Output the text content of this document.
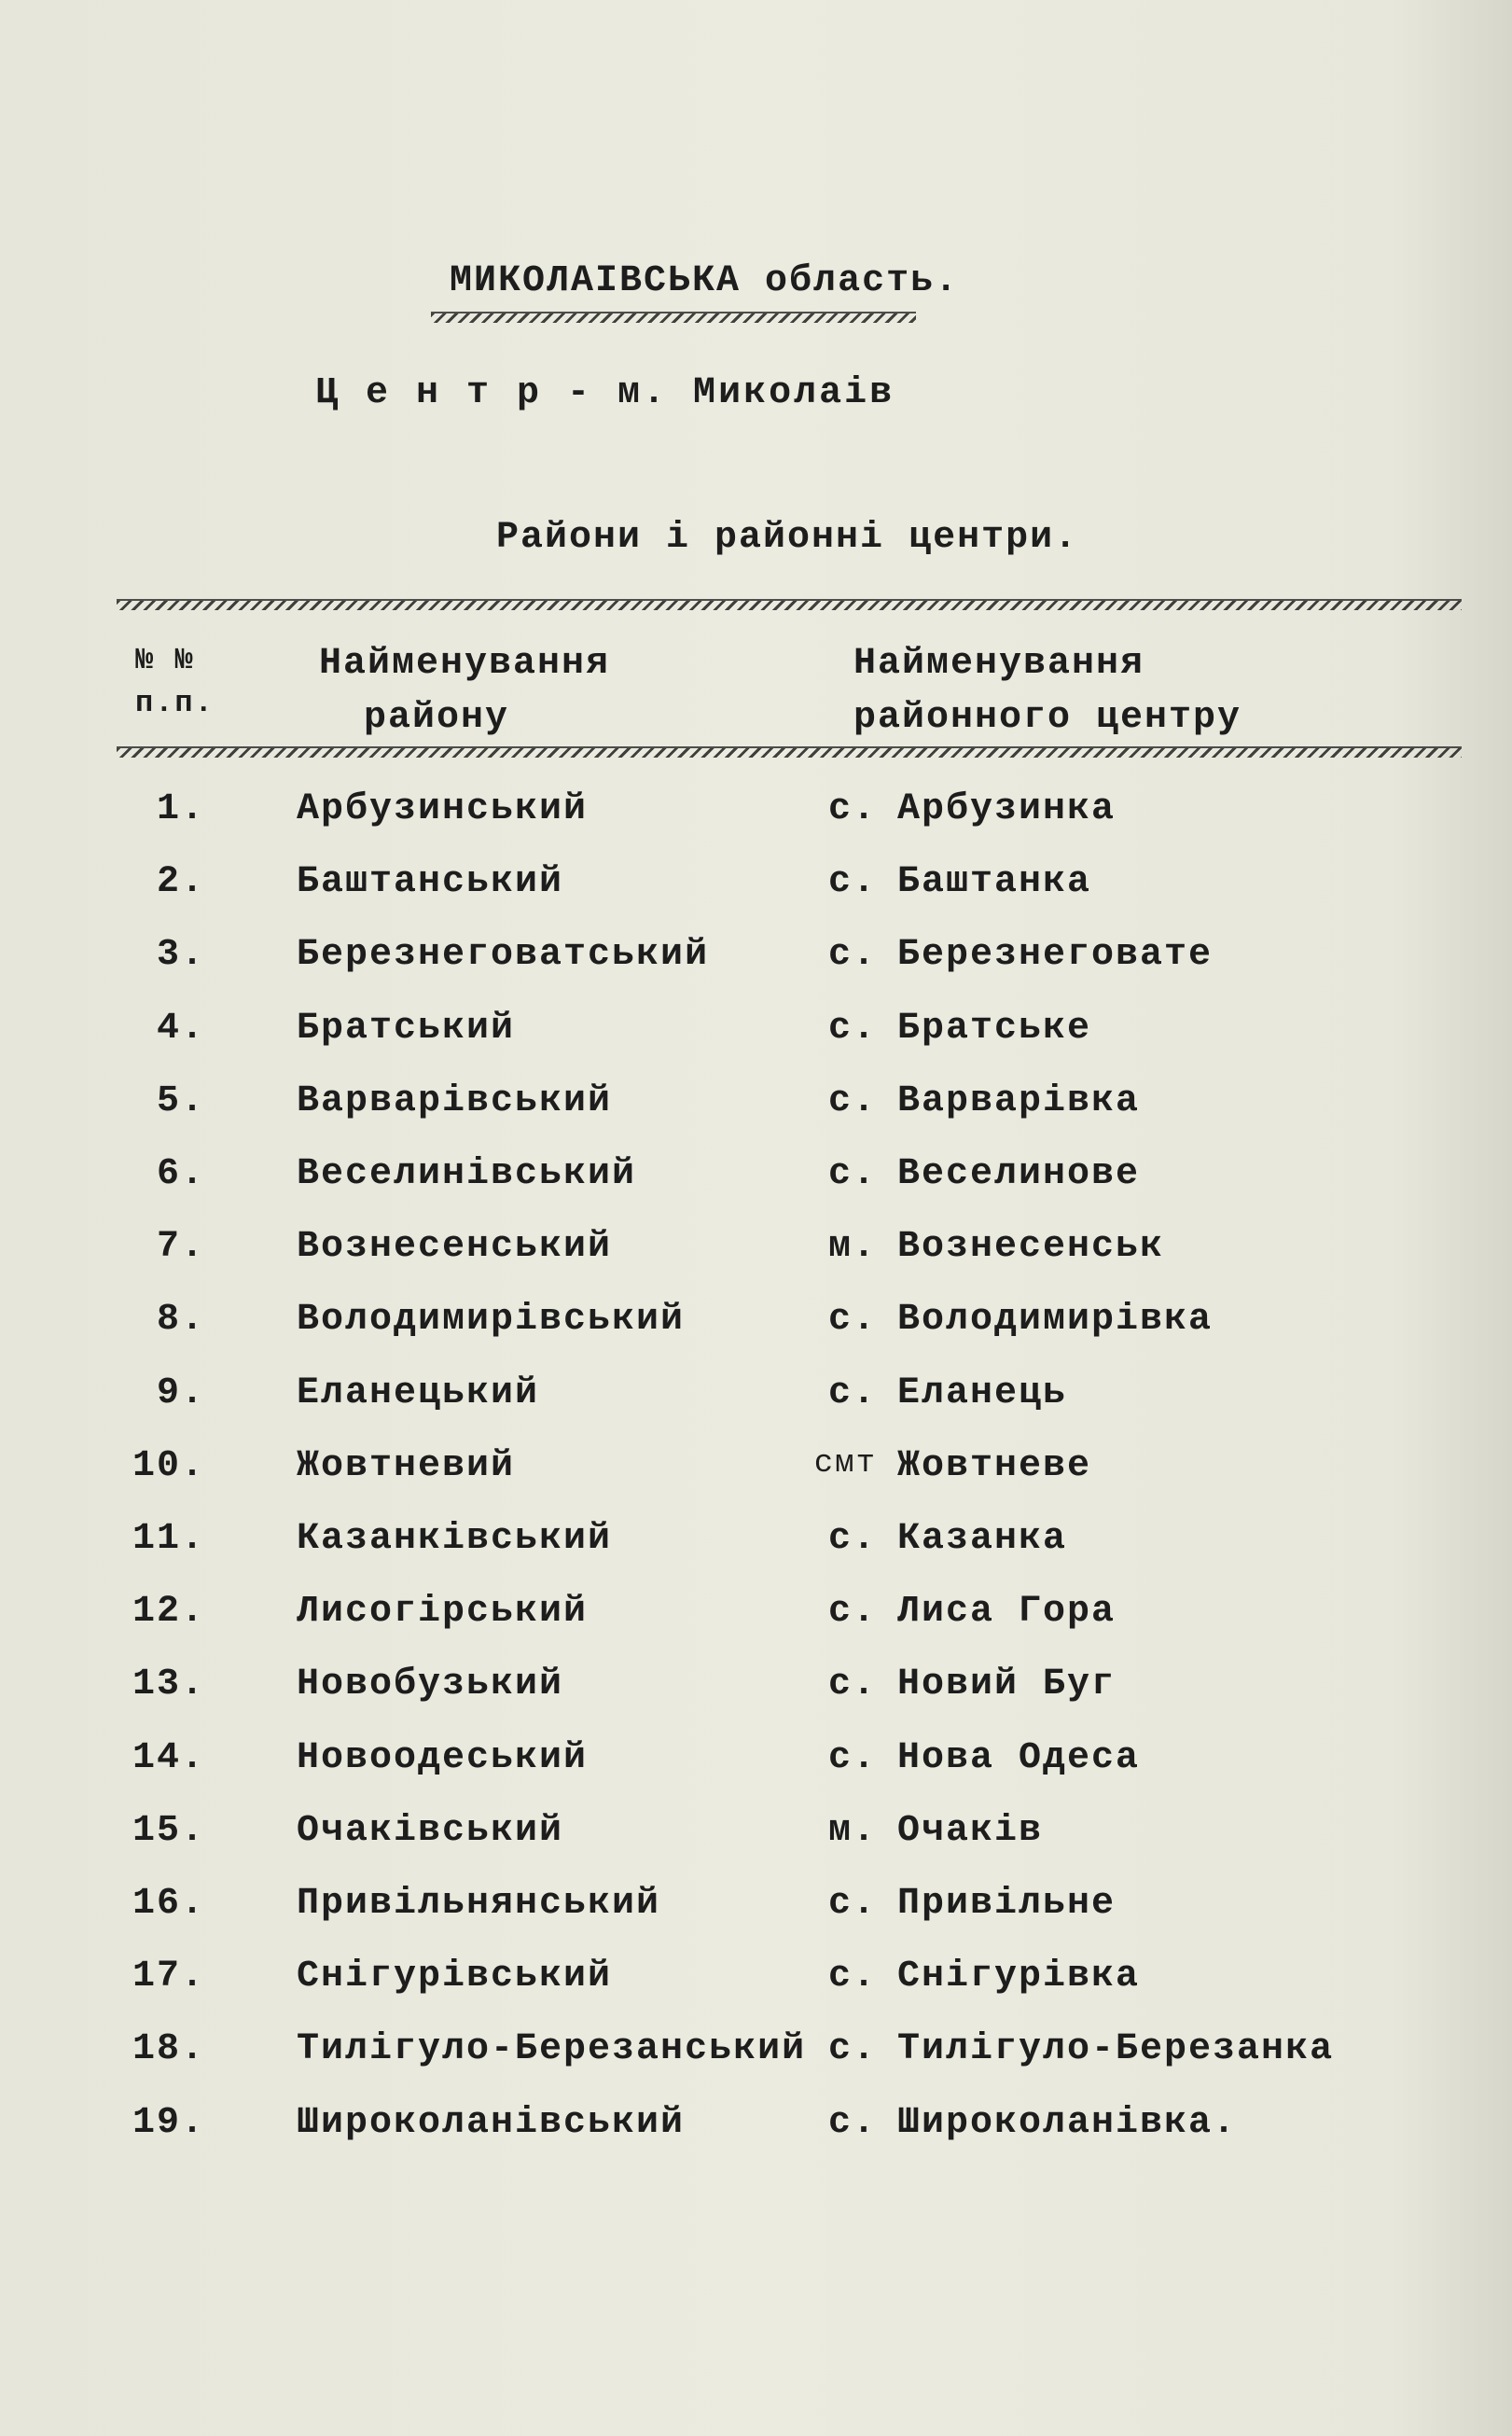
МИКОЛАІВСЬКА область.
Ц е н т р - м. Миколаів
Райони і районні центри.
№ №
п.п.
Найменування
району
Найменування
районного центру
1. Арбузинський	с. Арбузинка
2. Баштанський	с. Баштанка
3. Березнеговатський	с. Березнеговате
4. Братський	с. Братське
5. Варварівський	с. Варварівка
6. Веселинівський	с. Веселинове
7. Вознесенський	м. Вознесенськ
8. Володимирівський	с. Володимирівка
9. Еланецький	с. Еланець
10. Жовтневий	смт Жовтневе
11. Казанківський	с. Казанка
12. Лисогірський	с. Лиса Гора
13. Новобузький	с. Новий Буг
14. Новоодеський	с. Нова Одеса
15. Очаківський	м. Очаків
16. Привільнянський	с. Привільне
17. Снігурівський	с. Снігурівка
18. Тилігуло-Березанський с. Тилігуло-Березанка
19. Широколанівський	с. Широколанівка.
